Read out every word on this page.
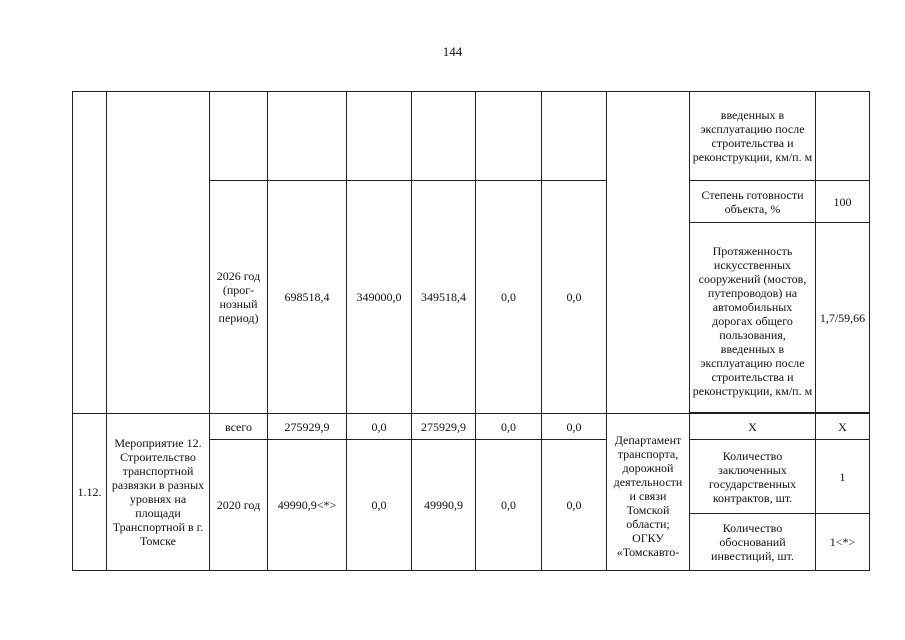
144
									введенных в эксплуатацию после строительства и реконструкции, км/п. м	
		2026 год (прог-нозный период)	698518,4	349000,0	349518,4	0,0	0,0		Степень готовности объекта, %	100
									Протяженность искусственных сооружений (мостов, путепроводов) на автомобильных дорогах общего пользования, введенных в эксплуатацию после строительства и реконструкции, км/п. м	1,7/59,66

1.12.	Мероприятие 12. Строительство транспортной развязки в разных уровнях на площади Транспортной в г. Томске	всего	275929,9	0,0	275929,9	0,0	0,0	Департамент транспорта, дорожной деятельности и связи Томской области; ОГКУ «Томскавто-	X	X
		2020 год	49990,9<*>	0,0	49990,9	0,0	0,0		Количество заключенных государственных контрактов, шт.	1
									Количество обоснований инвестиций, шт.	1<*>
